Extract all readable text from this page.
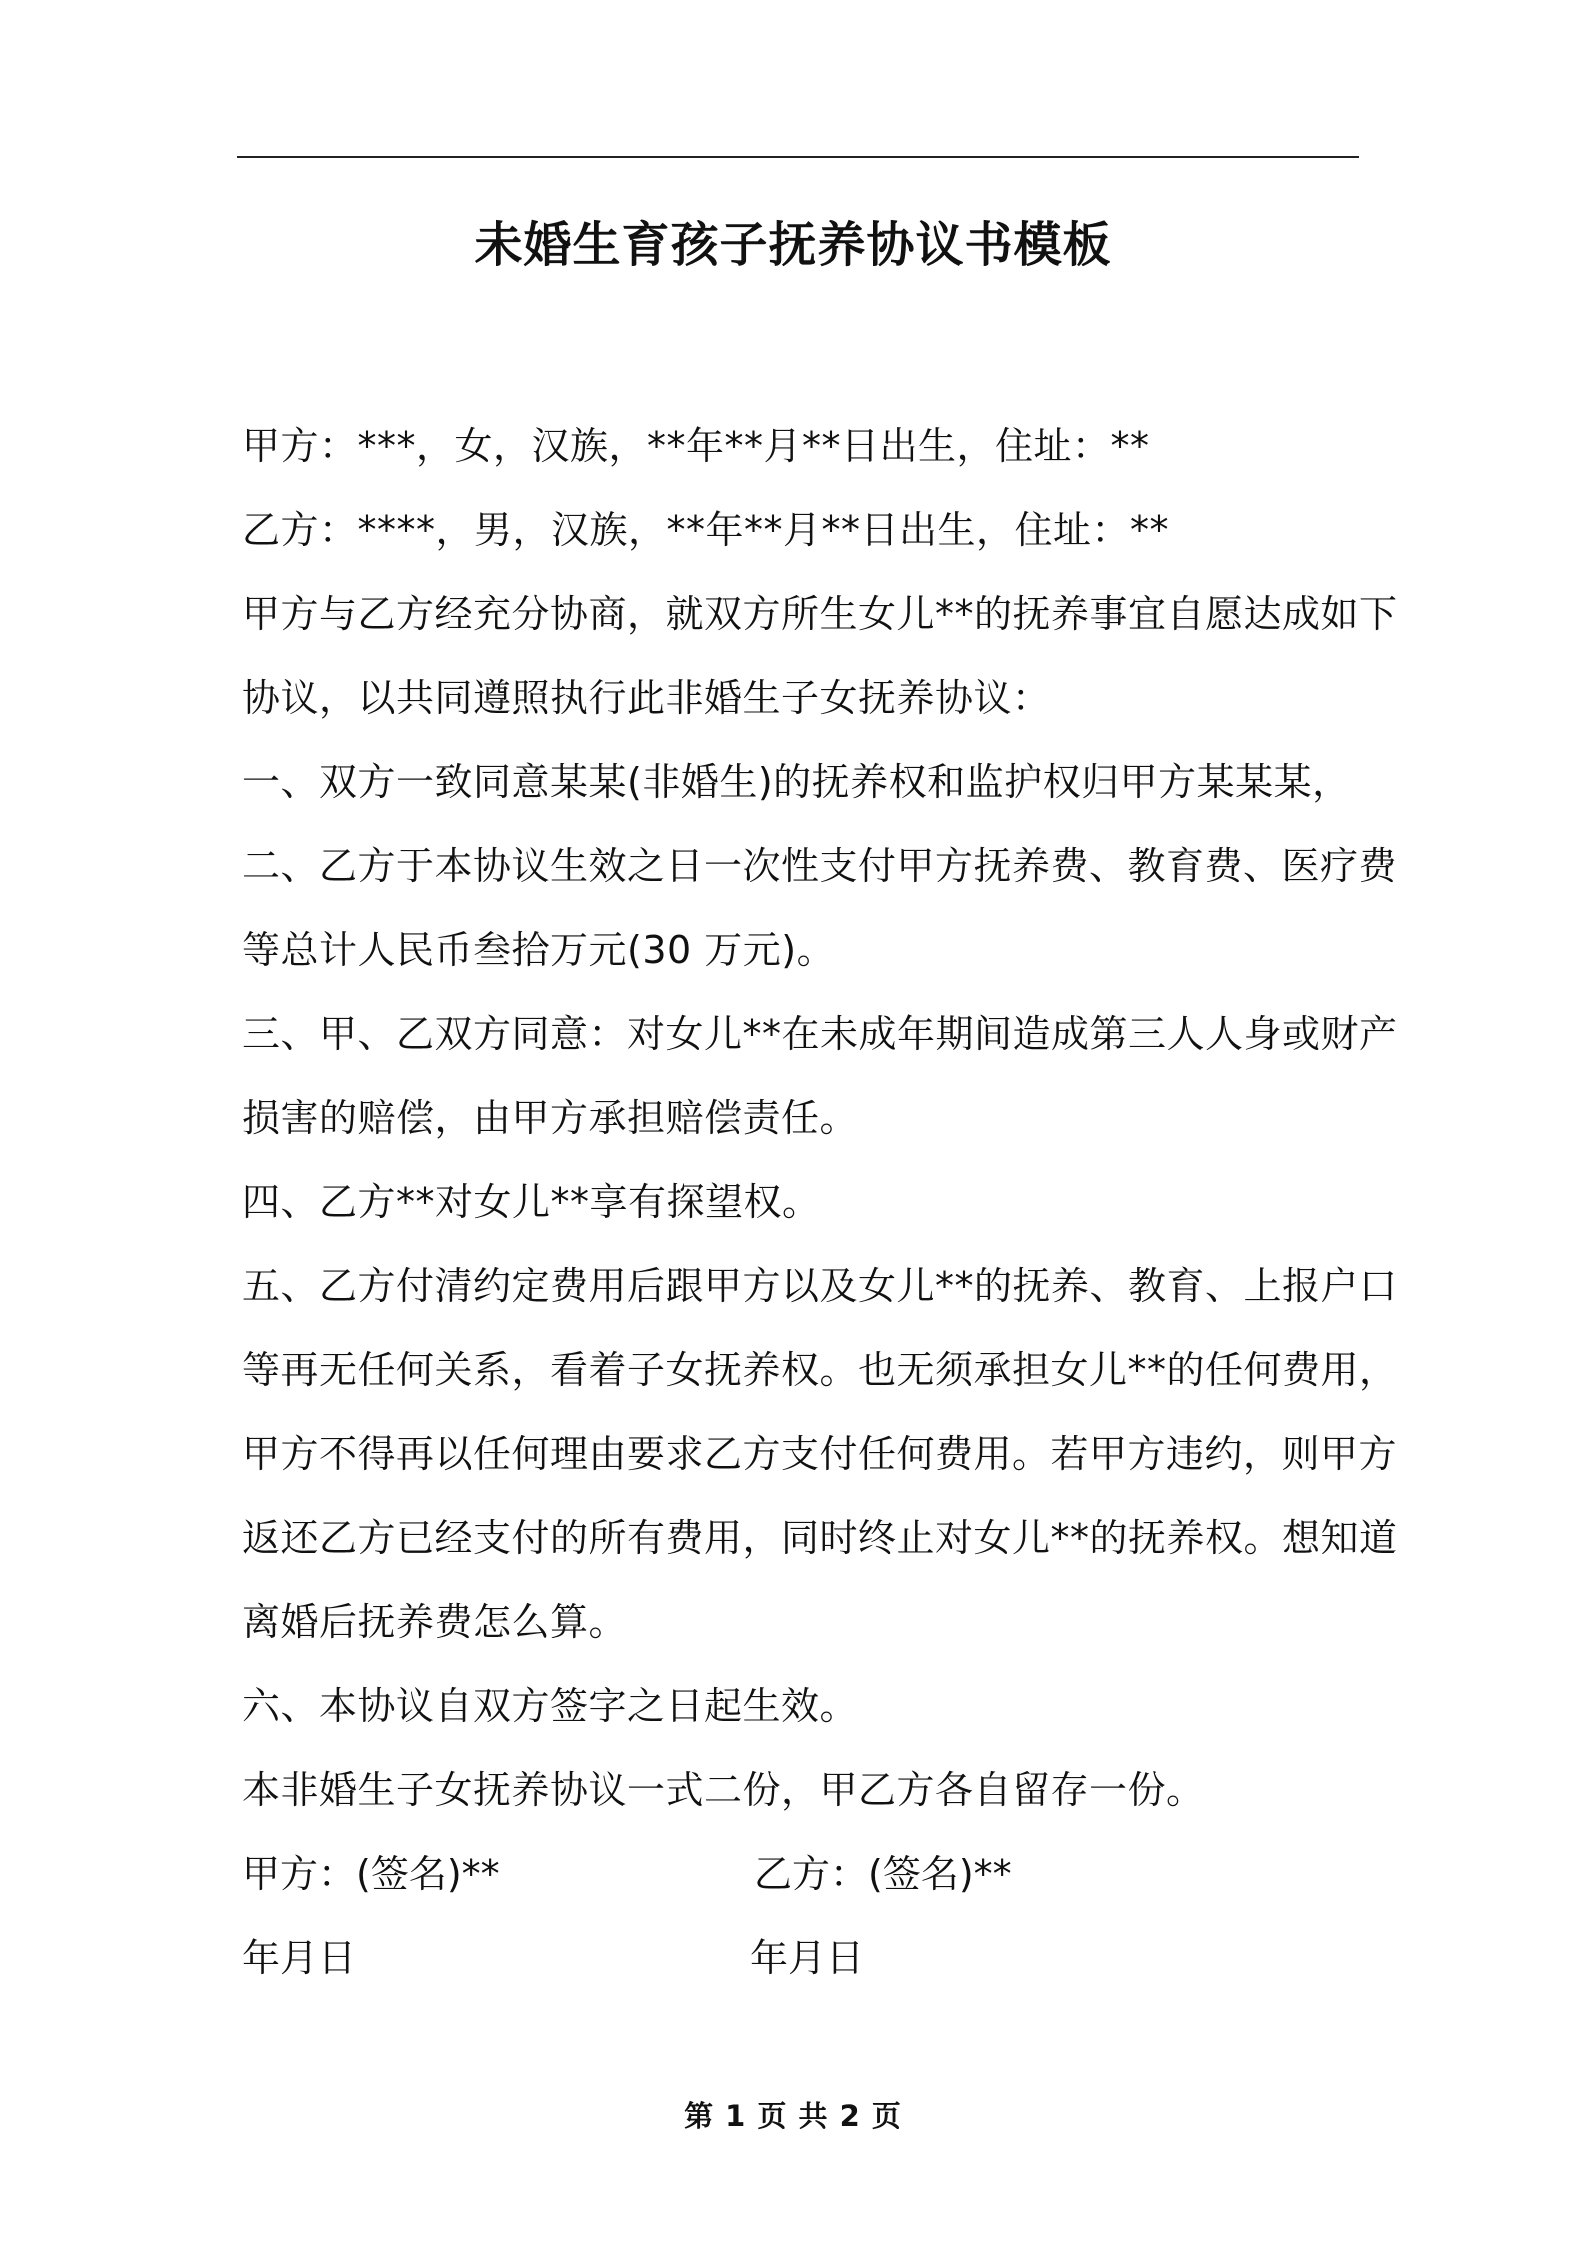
未婚生育孩子抚养协议书模板
甲方：***，女，汉族，**年**月**日出生，住址：**
乙方：****，男，汉族，**年**月**日出生，住址：**
甲方与乙方经充分协商，就双方所生女儿**的抚养事宜自愿达成如下
协议，以共同遵照执行此非婚生子女抚养协议：
一、双方一致同意某某(非婚生)的抚养权和监护权归甲方某某某，
二、乙方于本协议生效之日一次性支付甲方抚养费、教育费、医疗费
等总计人民币叁拾万元(30 万元)。
三、甲、乙双方同意：对女儿**在未成年期间造成第三人人身或财产
损害的赔偿，由甲方承担赔偿责任。
四、乙方**对女儿**享有探望权。
五、乙方付清约定费用后跟甲方以及女儿**的抚养、教育、上报户口
等再无任何关系，看着子女抚养权。也无须承担女儿**的任何费用，
甲方不得再以任何理由要求乙方支付任何费用。若甲方违约，则甲方
返还乙方已经支付的所有费用，同时终止对女儿**的抚养权。想知道
离婚后抚养费怎么算。
六、本协议自双方签字之日起生效。
本非婚生子女抚养协议一式二份，甲乙方各自留存一份。
甲方：(签名)**	乙方：(签名)**
年月日	年月日
第 1 页 共 2 页
